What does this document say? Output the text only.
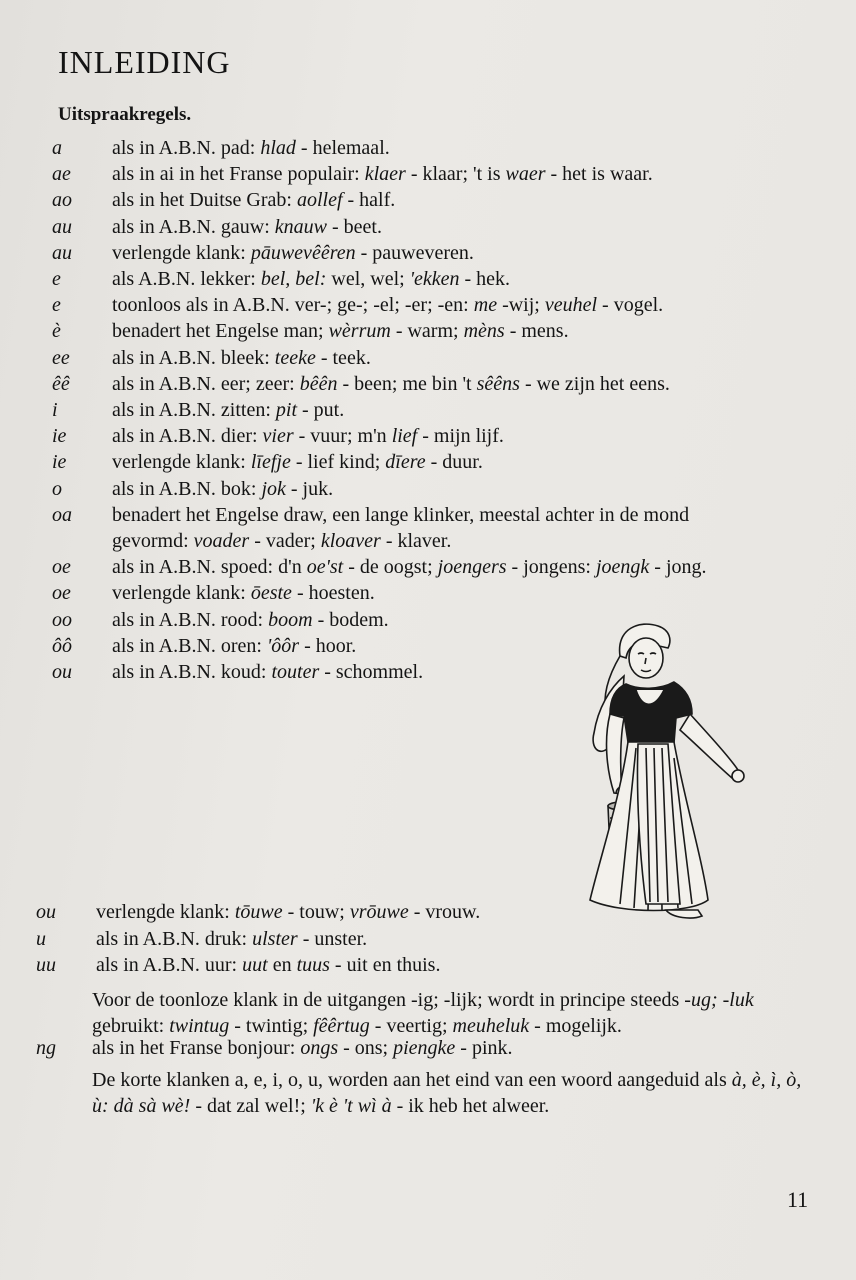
INLEIDING
Uitspraakregels.
a	als in A.B.N. pad: hlad - helemaal.
ae als in ai in het Franse populair: klaer - klaar; 't is waer - het is waar.
ao als in het Duitse Grab: aollef - half.
au als in A.B.N. gauw: knauw - beet.
au verlengde klank: pāuwevêêren - pauweveren.
e	als A.B.N. lekker: bel, bel: wel, wel; 'ekken - hek.
e	toonloos als in A.B.N. ver-; ge-; -el; -er; -en: me -wij; veuhel - vogel.
è	benadert het Engelse man; wèrrum - warm; mèns - mens.
ee als in A.B.N. bleek: teeke - teek.
êê als in A.B.N. eer; zeer: bêên - been; me bin 't sêêns - we zijn het eens.
i	als in A.B.N. zitten: pit - put.
ie als in A.B.N. dier: vier - vuur; m'n lief - mijn lijf.
ie verlengde klank: līefje - lief kind; dīere - duur.
o	als in A.B.N. bok: jok - juk.
oa benadert het Engelse draw, een lange klinker, meestal achter in de mond
gevormd: voader - vader; kloaver - klaver.
oe als in A.B.N. spoed: d'n oe'st - de oogst; joengers - jongens: joengk - jong.
oe verlengde klank: ōeste - hoesten.
oo als in A.B.N. rood: boom - bodem.
ôô als in A.B.N. oren: 'ôôr - hoor.
ou als in A.B.N. koud: touter - schommel.
ou verlengde klank: tōuwe - touw; vrōuwe - vrouw.
u	als in A.B.N. druk: ulster - unster.
uu als in A.B.N. uur: uut en tuus - uit en thuis.
Voor de toonloze klank in de uitgangen -ig; -lijk; wordt in principe steeds -ug; -luk gebruikt: twintug - twintig; fêêrtug - veertig; meuheluk - mogelijk.
ng als in het Franse bonjour: ongs - ons; piengke - pink.
De korte klanken a, e, i, o, u, worden aan het eind van een woord aangeduid als à, è, ì, ò, ù: dà sà wè! - dat zal wel!; 'k è 't wì à - ik heb het alweer.
11
